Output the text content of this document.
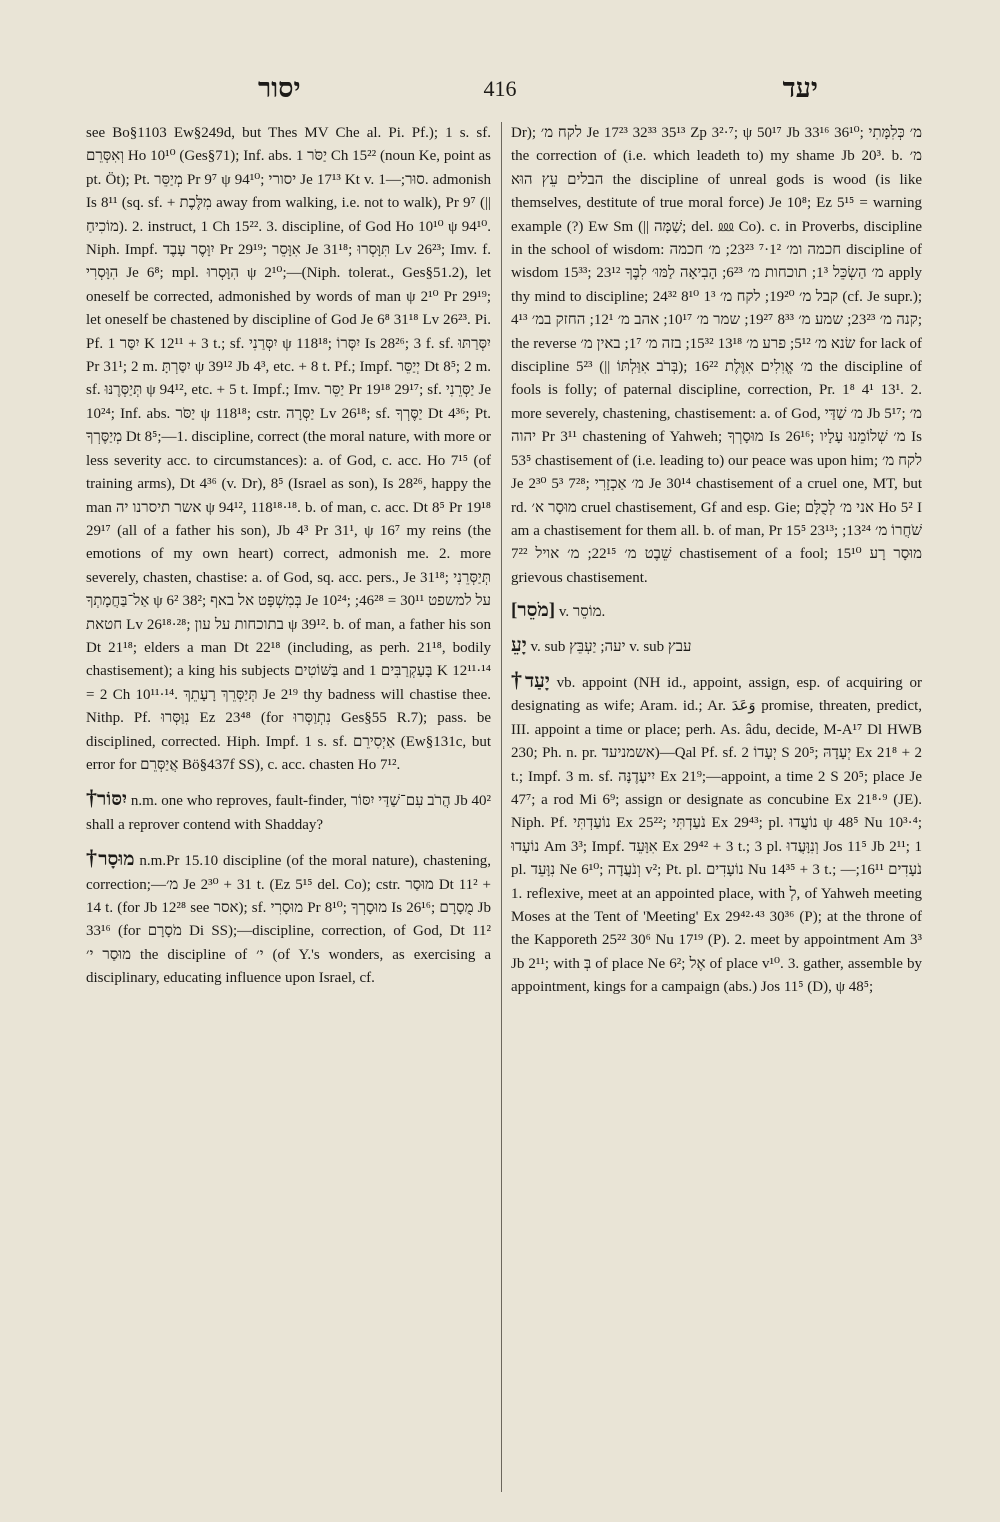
יסור	416	יעד

see Bo§1103 Ew§249d, but Thes MV Che al. Pi. Pf.); 1 s. sf. וְאִסְּרֵם Ho 10¹⁰ (Ges§71); Inf. abs. יַסֹּר 1 Ch 15²² (noun Ke, point as pt. Öt); Pt. מְיַסֵּר Pr 9⁷ ψ 94¹⁰; יסורי Je 17¹³ Kt v. סוּר;—1. admonish Is 8¹¹ (sq. sf. + מִלֶּכֶת away from walking, i.e. not to walk), Pr 9⁷ (|| מוֹכִיחַ). 2. instruct, 1 Ch 15²². 3. discipline, of God Ho 10¹⁰ ψ 94¹⁰. Niph. Impf. יִוָּסֶר עָבֶד Pr 29¹⁹; אִוָּסֵר Je 31¹⁸; תִּוָּסְרוּ Lv 26²³; Imv. f. הִוָּסְרִי Je 6⁸; mpl. הִוָּסְרוּ ψ 2¹⁰;—(Niph. tolerat., Ges§51.2), let oneself be corrected, admonished by words of man ψ 2¹⁰ Pr 29¹⁹; let oneself be chastened by discipline of God Je 6⁸ 31¹⁸ Lv 26²³. Pi. Pf. יִסַּר 1 K 12¹¹ + 3 t.; sf. יִסְּרַנִי ψ 118¹⁸; יִסְּרוֹ Is 28²⁶; 3 f. sf. יִסְּרַתּוּ Pr 31¹; 2 m. יִסַּרְתָּ ψ 39¹² Jb 4³, etc. + 8 t. Pf.; Impf. יְיַסֵּר Dt 8⁵; 2 m. sf. תְּיַסְּרֶנּוּ ψ 94¹², etc. + 5 t. Impf.; Imv. יַסֵּר Pr 19¹⁸ 29¹⁷; sf. יַסְּרֵנִי Je 10²⁴; Inf. abs. יַסֹּר ψ 118¹⁸; cstr. יַסְּרָה Lv 26¹⁸; sf. יַסֶּרְךָ Dt 4³⁶; Pt. מְיַסֶּרְךָ Dt 8⁵;—1. discipline, correct (the moral nature, with more or less severity acc. to circumstances): a. of God, c. acc. Ho 7¹⁵ (of training arms), Dt 4³⁶ (v. Dr), 8⁵ (Israel as son), Is 28²⁶, happy the man אשר תיסרנו יה ψ 94¹², 118¹⁸·¹⁸. b. of man, c. acc. Dt 8⁵ Pr 19¹⁸ 29¹⁷ (all of a father his son), Jb 4³ Pr 31¹, ψ 16⁷ my reins (the emotions of my own heart) correct, admonish me. 2. more severely, chasten, chastise: a. of God, sq. acc. pers., Je 31¹⁸; תְּיַסְּרֵנִי אַל־בַּחֲמָתְךָ ψ 6² 38²; בְּמִשְׁפָּט אל באף Je 10²⁴; על למשפט 30¹¹ = 46²⁸; חטאת Lv 26¹⁸·²⁸; בתוכחות על עון ψ 39¹². b. of man, a father his son Dt 21¹⁸; elders a man Dt 22¹⁸ (including, as perh. 21¹⁸, bodily chastisement); a king his subjects בַּשּׁוֹטִים and בָּעַקְרַבִּים 1 K 12¹¹·¹⁴ = 2 Ch 10¹¹·¹⁴. תְּיַסְּרֵךְ רָעָתֵךְ Je 2¹⁹ thy badness will chastise thee. Nithp. Pf. נִוַּסְּרוּ Ez 23⁴⁸ (for נִתְוַסְּרוּ Ges§55 R.7); pass. be disciplined, corrected. Hiph. Impf. 1 s. sf. אַיְסִירֵם (Ew§131c, but error for אֲיַסְּרֵם Bö§437f SS), c. acc. chasten Ho 7¹².

†יִסּוֹר n.m. one who reproves, fault-finder, הֲרֹב עִם־שַׁדַּי יִסּוֹר Jb 40² shall a reprover contend with Shadday?

†מוּסָר n.m.Pr 15.10 discipline (of the moral nature), chastening, correction;—מ׳ Je 2³⁰ + 31 t. (Ez 5¹⁵ del. Co); cstr. מוּסַר Dt 11² + 14 t. (for Jb 12²⁸ see אסר); sf. מוּסָרִי Pr 8¹⁰; מוּסָרְךָ Is 26¹⁶; מֻסָרָם Jb 33¹⁶ (for מֹסָרָם Di SS);—discipline, correction, of God, Dt 11² מוּסַר י׳ the discipline of י׳ (of Y.'s wonders, as exercising a disciplinary, educating influence upon Israel, cf.

Dr); לקח מ׳ Je 17²³ 32³³ 35¹³ Zp 3²·⁷; ψ 50¹⁷ Jb 33¹⁶ 36¹⁰; מ׳ כְּלִמָּתִי the correction of (i.e. which leadeth to) my shame Jb 20³. b. מ׳ הבלים עֵץ הוּא the discipline of unreal gods is wood (is like themselves, destitute of true moral force) Je 10⁸; Ez 5¹⁵ = warning example (?) Ew Sm (|| שַׁמָּה; del. ⅏ Co). c. in Proverbs, discipline in the school of wisdom: חכמה ומ׳ 1²·⁷ 23²³; מ׳ חכמה discipline of wisdom 15³³; מ׳ הַשְׂכֵּל 1³; תוכחות מ׳ 6²³; הָבִיאָה לַמּוּ׳ לִבֶּךָ 23¹² apply thy mind to discipline; קבל מ׳ 19²⁰; לקח מ׳ 1³ 8¹⁰ 24³² (cf. Je supr.); קנה מ׳ 23²³; שמע מ׳ 8³³ 19²⁷; שמר מ׳ 10¹⁷; אהב מ׳ 12¹; החזק במ׳ 4¹³; the reverse שׂנא מ׳ 5¹²; פרע מ׳ 13¹⁸ 15³²; בזה מ׳ 1⁷; באין מ׳ for lack of discipline 5²³ (|| בְּרֹב אִוַּלְתּוֹ); מ׳ אֱוִלִים אִוֶּלֶת 16²² the discipline of fools is folly; of paternal discipline, correction, Pr. 1⁸ 4¹ 13¹. 2. more severely, chastening, chastisement: a. of God, מ׳ שַׁדַּי Jb 5¹⁷; מ׳ יהוה Pr 3¹¹ chastening of Yahweh; מוּסָרְךָ Is 26¹⁶; מ׳ שְׁלוֹמֵנוּ עָלָיו Is 53⁵ chastisement of (i.e. leading to) our peace was upon him; לקח מ׳ Je 2³⁰ 5³ 7²⁸; מ׳ אַכְזָרִי Je 30¹⁴ chastisement of a cruel one, MT, but rd. מוּסָר א׳ cruel chastisement, Gf and esp. Gie; אני מ׳ לְכֻלָּם Ho 5² I am a chastisement for them all. b. of man, Pr 15⁵ 23¹³; שֹׁחֲרוֹ מ׳ 13²⁴; שֵׁבֶט מ׳ 22¹⁵; מ׳ אויל 7²² chastisement of a fool; מוּסָר רָע 15¹⁰ grievous chastisement.

[מֹסֵר] v. מוֹסֵר.

יָעֵ v. sub יעה; יַעְבֵּץ v. sub עבץ

†יָעַד vb. appoint (NH id., appoint, assign, esp. of acquiring or designating as wife; Aram. id.; Ar. وَعَدَ promise, threaten, predict, III. appoint a time or place; perh. As. âdu, decide, M-A¹⁷ Dl HWB 230; Ph. n. pr. אשמניעד)—Qal Pf. sf. יְעָדוֹ 2 S 20⁵; יְעָדָהּ Ex 21⁸ + 2 t.; Impf. 3 m. sf. יִיעָדֶנָּה Ex 21⁹;—appoint, a time 2 S 20⁵; place Je 47⁷; a rod Mi 6⁹; assign or designate as concubine Ex 21⁸·⁹ (JE). Niph. Pf. נוֹעַדְתִּי Ex 25²²; נֹעַדְתִּי Ex 29⁴³; pl. נוֹעֲדוּ ψ 48⁵ Nu 10³·⁴; נוֹעָדוּ Am 3³; Impf. אִוָּעֵד Ex 29⁴² + 3 t.; 3 pl. וְנִוָּעֲדוּ Jos 11⁵ Jb 2¹¹; 1 pl. נִוָּעֵד Ne 6¹⁰; וְנֹעֲדָה v²; Pt. pl. נוֹעָדִים Nu 14³⁵ + 3 t.; נֹעָדִים 16¹¹;—1. reflexive, meet at an appointed place, with לְ, of Yahweh meeting Moses at the Tent of 'Meeting' Ex 29⁴²·⁴³ 30³⁶ (P); at the throne of the Kapporeth 25²² 30⁶ Nu 17¹⁹ (P). 2. meet by appointment Am 3³ Jb 2¹¹; with בְּ of place Ne 6²; אֶל of place v¹⁰. 3. gather, assemble by appointment, kings for a campaign (abs.) Jos 11⁵ (D), ψ 48⁵;
